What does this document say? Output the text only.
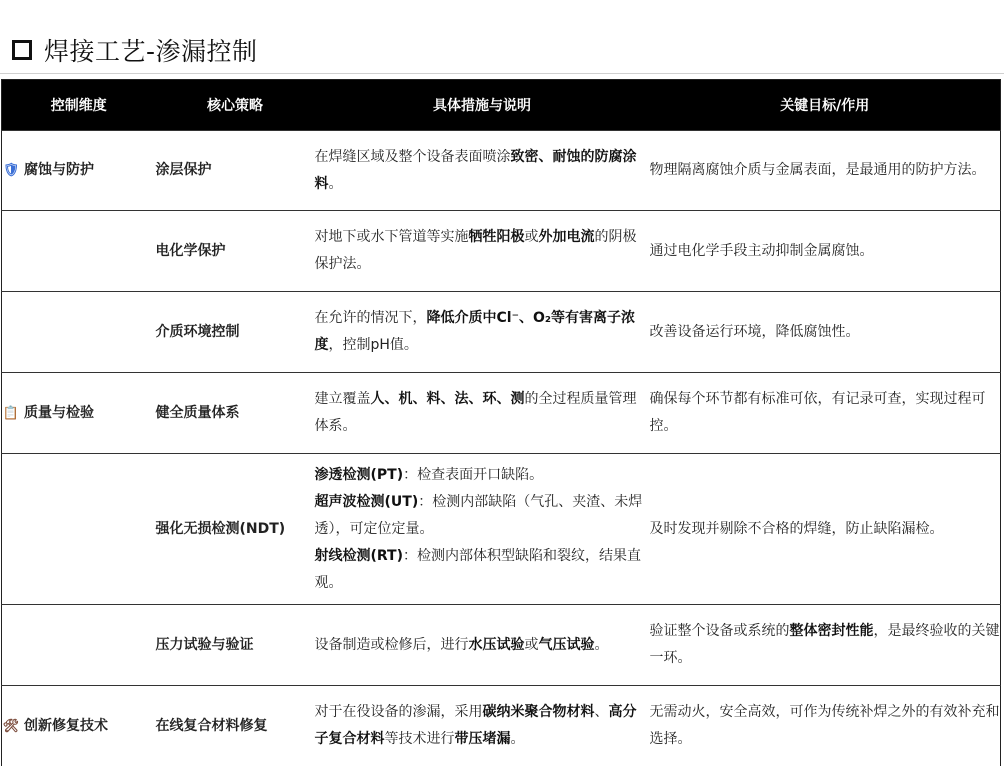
焊接工艺-渗漏控制
控制维度	核心策略	具体措施与说明	关键目标/作用
🛡 腐蚀与防护	涂层保护	在焊缝区域及整个设备表面喷涂致密、耐蚀的防腐涂料。	物理隔离腐蚀介质与金属表面，是最通用的防护方法。
	电化学保护	对地下或水下管道等实施牺牲阳极或外加电流的阴极保护法。	通过电化学手段主动抑制金属腐蚀。
	介质环境控制	在允许的情况下，降低介质中Cl⁻、O₂等有害离子浓度，控制pH值。	改善设备运行环境，降低腐蚀性。
📋 质量与检验	健全质量体系	建立覆盖人、机、料、法、环、测的全过程质量管理体系。	确保每个环节都有标准可依，有记录可查，实现过程可控。
	强化无损检测(NDT)	渗透检测(PT)：检查表面开口缺陷。
超声波检测(UT)：检测内部缺陷（气孔、夹渣、未焊透），可定位定量。
射线检测(RT)：检测内部体积型缺陷和裂纹，结果直观。	及时发现并剔除不合格的焊缝，防止缺陷漏检。
	压力试验与验证	设备制造或检修后，进行水压试验或气压试验。	验证整个设备或系统的整体密封性能，是最终验收的关键一环。
🛠 创新修复技术	在线复合材料修复	对于在役设备的渗漏，采用碳纳米聚合物材料、高分子复合材料等技术进行带压堵漏。	无需动火，安全高效，可作为传统补焊之外的有效补充和选择。
